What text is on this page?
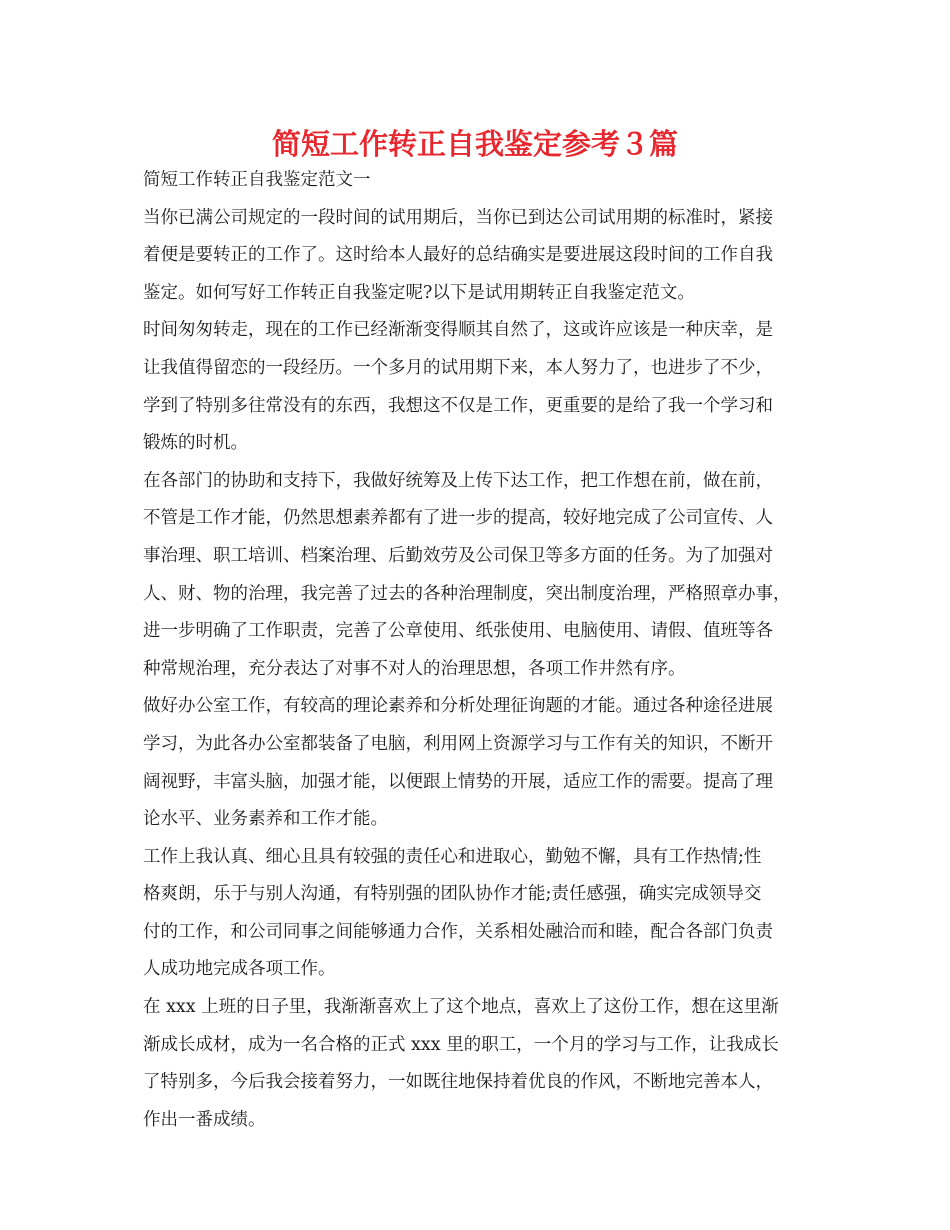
简短工作转正自我鉴定参考３篇
简短工作转正自我鉴定范文一
当你已满公司规定的一段时间的试用期后，当你已到达公司试用期的标准时，紧接
着便是要转正的工作了。这时给本人最好的总结确实是要进展这段时间的工作自我
鉴定。如何写好工作转正自我鉴定呢?以下是试用期转正自我鉴定范文。
时间匆匆转走，现在的工作已经渐渐变得顺其自然了，这或许应该是一种庆幸，是
让我值得留恋的一段经历。一个多月的试用期下来，本人努力了，也进步了不少，
学到了特别多往常没有的东西，我想这不仅是工作，更重要的是给了我一个学习和
锻炼的时机。
在各部门的协助和支持下，我做好统筹及上传下达工作，把工作想在前，做在前，
不管是工作才能，仍然思想素养都有了进一步的提高，较好地完成了公司宣传、人
事治理、职工培训、档案治理、后勤效劳及公司保卫等多方面的任务。为了加强对
人、财、物的治理，我完善了过去的各种治理制度，突出制度治理，严格照章办事，
进一步明确了工作职责，完善了公章使用、纸张使用、电脑使用、请假、值班等各
种常规治理，充分表达了对事不对人的治理思想，各项工作井然有序。
做好办公室工作，有较高的理论素养和分析处理征询题的才能。通过各种途径进展
学习，为此各办公室都装备了电脑，利用网上资源学习与工作有关的知识，不断开
阔视野，丰富头脑，加强才能，以便跟上情势的开展，适应工作的需要。提高了理
论水平、业务素养和工作才能。
工作上我认真、细心且具有较强的责任心和进取心，勤勉不懈，具有工作热情;性
格爽朗，乐于与别人沟通，有特别强的团队协作才能;责任感强，确实完成领导交
付的工作，和公司同事之间能够通力合作，关系相处融洽而和睦，配合各部门负责
人成功地完成各项工作。
在 xxx 上班的日子里，我渐渐喜欢上了这个地点，喜欢上了这份工作，想在这里渐
渐成长成材，成为一名合格的正式 xxx 里的职工，一个月的学习与工作，让我成长
了特别多，今后我会接着努力，一如既往地保持着优良的作风，不断地完善本人，
作出一番成绩。
